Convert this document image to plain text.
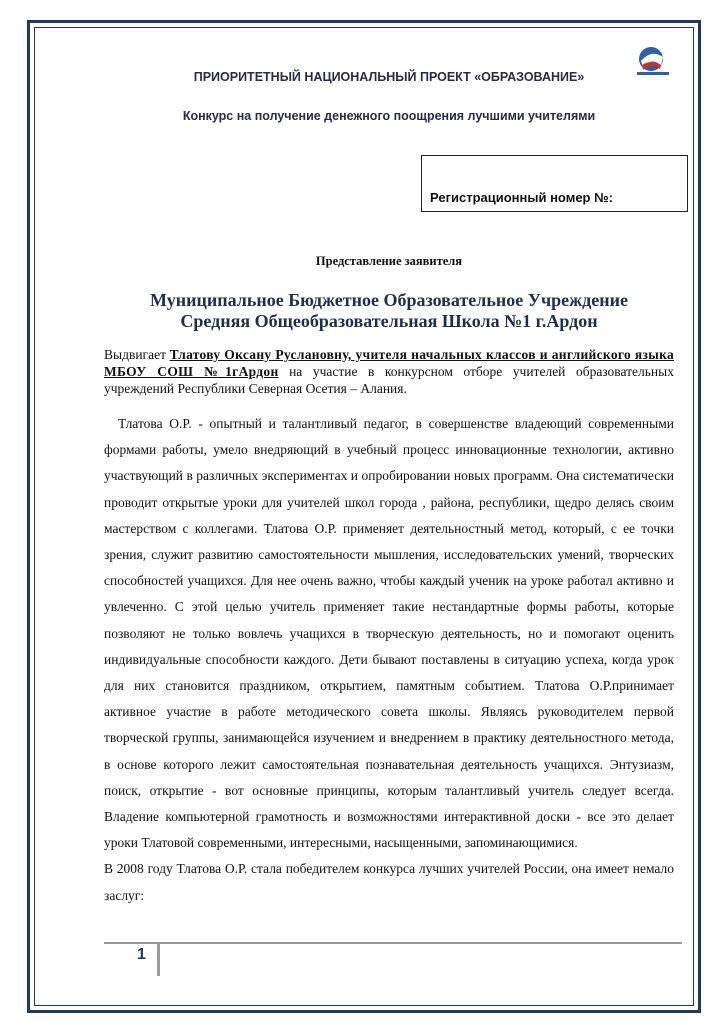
ПРИОРИТЕТНЫЙ НАЦИОНАЛЬНЫЙ ПРОЕКТ «ОБРАЗОВАНИЕ»
Конкурс на получение денежного поощрения лучшими учителями
Регистрационный номер №:
Представление заявителя
Муниципальное Бюджетное Образовательное Учреждение
Средняя Общеобразовательная Школа №1 г.Ардон
Выдвигает Тлатову Оксану Руслановну, учителя начальных классов и английского языка МБОУ СОШ №1гАрдон на участие в конкурсном отборе учителей образовательных учреждений Республики Северная Осетия – Алания.

Тлатова О.Р. - опытный и талантливый педагог, в совершенстве владеющий современными формами работы, умело внедряющий в учебный процесс инновационные технологии, активно участвующий в различных экспериментах и опробировании новых программ. Она систематически проводит открытые уроки для учителей школ города , района, республики, щедро делясь своим мастерством с коллегами. Тлатова О.Р. применяет деятельностный метод, который, с ее точки зрения, служит развитию самостоятельности мышления, исследовательских умений, творческих способностей учащихся. Для нее очень важно, чтобы каждый ученик на уроке работал активно и увлеченно. С этой целью учитель применяет такие нестандартные формы работы, которые позволяют не только вовлечь учащихся в творческую деятельность, но и помогают оценить индивидуальные способности каждого. Дети бывают поставлены в ситуацию успеха, когда урок для них становится праздником, открытием, памятным событием. Тлатова О.Р.принимает активное участие в работе методического совета школы. Являясь руководителем первой творческой группы, занимающейся изучением и внедрением в практику деятельностного метода, в основе которого лежит самостоятельная познавательная деятельность учащихся. Энтузиазм, поиск, открытие - вот основные принципы, которым талантливый учитель следует всегда. Владение компьютерной грамотность и возможностями интерактивной доски - все это делает уроки Тлатовой современными, интересными, насыщенными, запоминающимися.

В 2008 году Тлатова О.Р. стала победителем конкурса лучших учителей России, она имеет немало заслуг:

1
